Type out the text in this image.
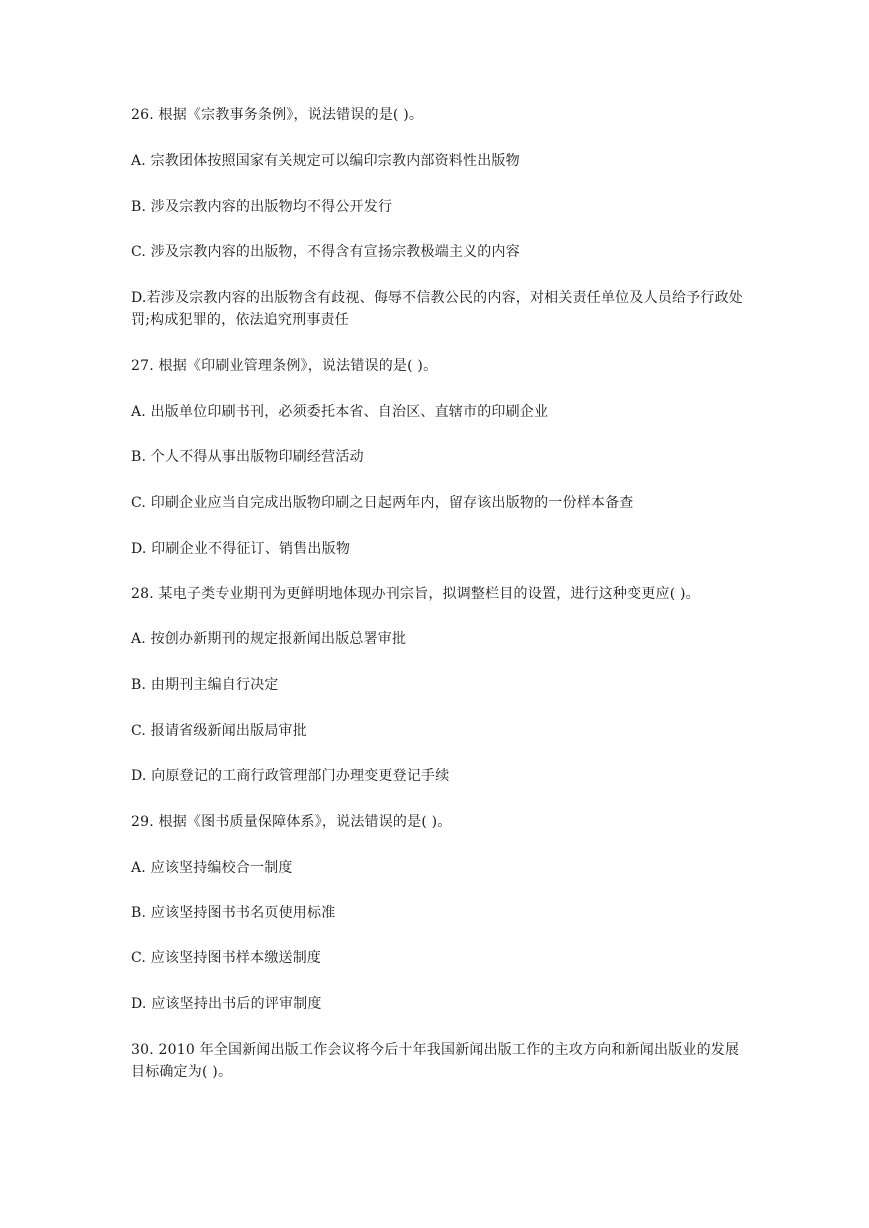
26. 根据《宗教事务条例》，说法错误的是( )。
A. 宗教团体按照国家有关规定可以编印宗教内部资料性出版物
B. 涉及宗教内容的出版物均不得公开发行
C. 涉及宗教内容的出版物，不得含有宣扬宗教极端主义的内容
D.若涉及宗教内容的出版物含有歧视、侮辱不信教公民的内容，对相关责任单位及人员给予行政处罚;构成犯罪的，依法追究刑事责任
27. 根据《印刷业管理条例》，说法错误的是( )。
A. 出版单位印刷书刊，必须委托本省、自治区、直辖市的印刷企业
B. 个人不得从事出版物印刷经营活动
C. 印刷企业应当自完成出版物印刷之日起两年内，留存该出版物的一份样本备查
D. 印刷企业不得征订、销售出版物
28. 某电子类专业期刊为更鲜明地体现办刊宗旨，拟调整栏目的设置，进行这种变更应( )。
A. 按创办新期刊的规定报新闻出版总署审批
B. 由期刊主编自行决定
C. 报请省级新闻出版局审批
D. 向原登记的工商行政管理部门办理变更登记手续
29. 根据《图书质量保障体系》，说法错误的是( )。
A. 应该坚持编校合一制度
B. 应该坚持图书书名页使用标准
C. 应该坚持图书样本缴送制度
D. 应该坚持出书后的评审制度
30. 2010 年全国新闻出版工作会议将今后十年我国新闻出版工作的主攻方向和新闻出版业的发展目标确定为( )。
